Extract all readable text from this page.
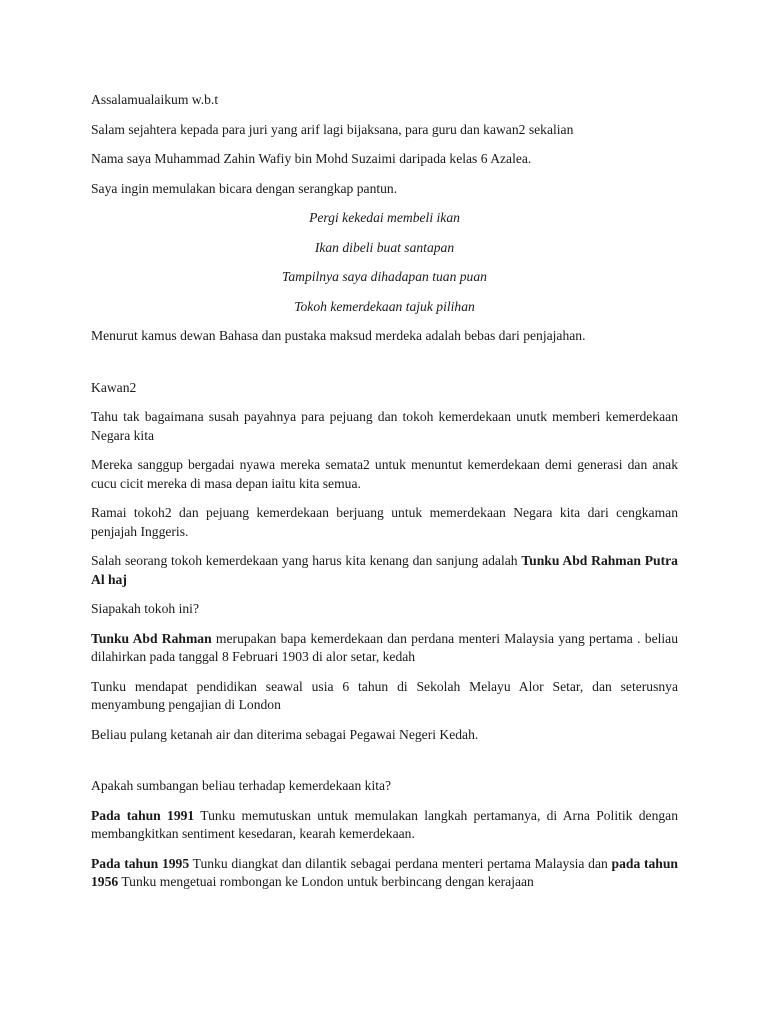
Assalamualaikum w.b.t

Salam sejahtera kepada para juri yang arif lagi bijaksana, para guru dan kawan2 sekalian

Nama saya Muhammad Zahin Wafiy bin Mohd Suzaimi daripada kelas 6 Azalea.

Saya ingin memulakan bicara dengan serangkap pantun.

Pergi kekedai membeli ikan

Ikan dibeli buat santapan

Tampilnya saya dihadapan tuan puan

Tokoh kemerdekaan tajuk pilihan

Menurut kamus dewan Bahasa dan pustaka maksud merdeka adalah bebas dari penjajahan.

Kawan2

Tahu tak bagaimana susah payahnya para pejuang dan tokoh kemerdekaan unutk memberi kemerdekaan Negara kita

Mereka sanggup bergadai nyawa mereka semata2 untuk menuntut kemerdekaan demi generasi dan anak cucu cicit mereka di masa depan iaitu kita semua.

Ramai tokoh2 dan pejuang kemerdekaan berjuang untuk memerdekaan Negara kita dari cengkaman penjajah Inggeris.

Salah seorang tokoh kemerdekaan yang harus kita kenang dan sanjung adalah Tunku Abd Rahman Putra Al haj

Siapakah tokoh ini?

Tunku Abd Rahman merupakan bapa kemerdekaan dan perdana menteri Malaysia yang pertama . beliau dilahirkan pada tanggal 8 Februari 1903 di alor setar, kedah

Tunku mendapat pendidikan seawal usia 6 tahun di Sekolah Melayu Alor Setar, dan seterusnya menyambung pengajian di London

Beliau pulang ketanah air dan diterima sebagai Pegawai Negeri Kedah.

Apakah sumbangan beliau terhadap kemerdekaan kita?

Pada tahun 1991 Tunku memutuskan untuk memulakan langkah pertamanya, di Arna Politik dengan membangkitkan sentiment kesedaran, kearah kemerdekaan.

Pada tahun 1995 Tunku diangkat dan dilantik sebagai perdana menteri pertama Malaysia dan pada tahun 1956 Tunku mengetuai rombongan ke London untuk berbincang dengan kerajaan
